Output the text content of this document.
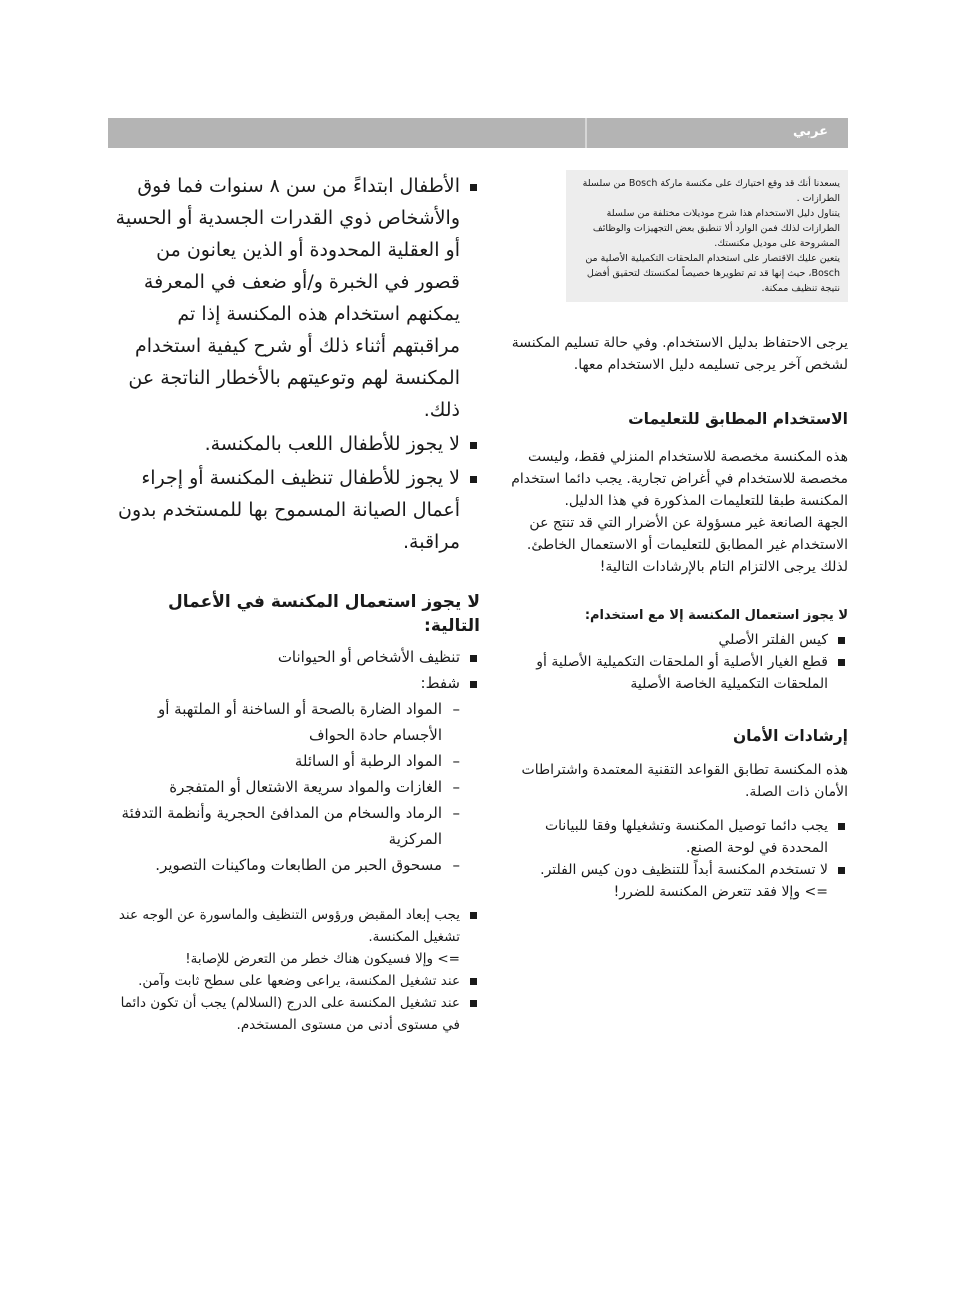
عربي

يسعدنا أنك قد وقع اختيارك على مكنسة ماركة Bosch من سلسلة الطرازات .

يتناول دليل الاستخدام هذا شرح موديلات مختلفة من سلسلة الطرازات لذلك فمن الوارد ألا تنطبق بعض التجهيزات والوظائف المشروحة على موديل مكنستك.

يتعين عليك الاقتصار على استخدام الملحقات التكميلية الأصلية من Bosch، حيث إنها قد تم تطويرها خصيصاً لمكنستك لتحقيق أفضل نتيجة تنظيف ممكنة.

يرجى الاحتفاظ بدليل الاستخدام. وفي حالة تسليم المكنسة لشخص آخر يرجى تسليمه دليل الاستخدام معها.

الاستخدام المطابق للتعليمات

هذه المكنسة مخصصة للاستخدام المنزلي فقط، وليست مخصصة للاستخدام في أغراض تجارية. يجب دائما استخدام المكنسة طبقا للتعليمات المذكورة في هذا الدليل.

الجهة الصانعة غير مسؤولة عن الأضرار التي قد تنتج عن الاستخدام غير المطابق للتعليمات أو الاستعمال الخاطئ. لذلك يرجى الالتزام التام بالإرشادات التالية!

لا يجوز استعمال المكنسة إلا مع استخدام:
كيس الفلتر الأصلي
قطع الغيار الأصلية أو الملحقات التكميلية الأصلية أو الملحقات التكميلية الخاصة الأصلية
إرشادات الأمان

هذه المكنسة تطابق القواعد التقنية المعتمدة واشتراطات الأمان ذات الصلة.

يجب دائما توصيل المكنسة وتشغيلها وفقا للبيانات المحددة في لوحة الصنع.
لا تستخدم المكنسة أبداً للتنظيف دون كيس الفلتر.
=> وإلا فقد تتعرض المكنسة للضرر!
الأطفال ابتداءً من سن ٨ سنوات فما فوق والأشخاص ذوي القدرات الجسدية أو الحسية أو العقلية المحدودة أو الذين يعانون من قصور في الخبرة و/أو ضعف في المعرفة يمكنهم استخدام هذه المكنسة إذا تم مراقبتهم أثناء ذلك أو شرح كيفية استخدام المكنسة لهم وتوعيتهم بالأخطار الناتجة عن ذلك.
لا يجوز للأطفال اللعب بالمكنسة.
لا يجوز للأطفال تنظيف المكنسة أو إجراء أعمال الصيانة المسموح بها للمستخدم بدون مراقبة.
لا يجوز استعمال المكنسة في الأعمال التالية:
تنظيف الأشخاص أو الحيوانات
شفط:
– المواد الضارة بالصحة أو الساخنة أو الملتهبة أو الأجسام حادة الحواف
– المواد الرطبة أو السائلة
– الغازات والمواد سريعة الاشتعال أو المتفجرة
– الرماد والسخام من المدافئ الحجرية وأنظمة التدفئة المركزية
– مسحوق الحبر من الطابعات وماكينات التصوير.
يجب إبعاد المقبض ورؤوس التنظيف والماسورة عن الوجه عند تشغيل المكنسة.
=> وإلا فسيكون هناك خطر من التعرض للإصابة!
عند تشغيل المكنسة، يراعى وضعها على سطح ثابت وآمن.
عند تشغيل المكنسة على الدرج (السلالم) يجب أن تكون دائما في مستوى أدنى من مستوى المستخدم.
